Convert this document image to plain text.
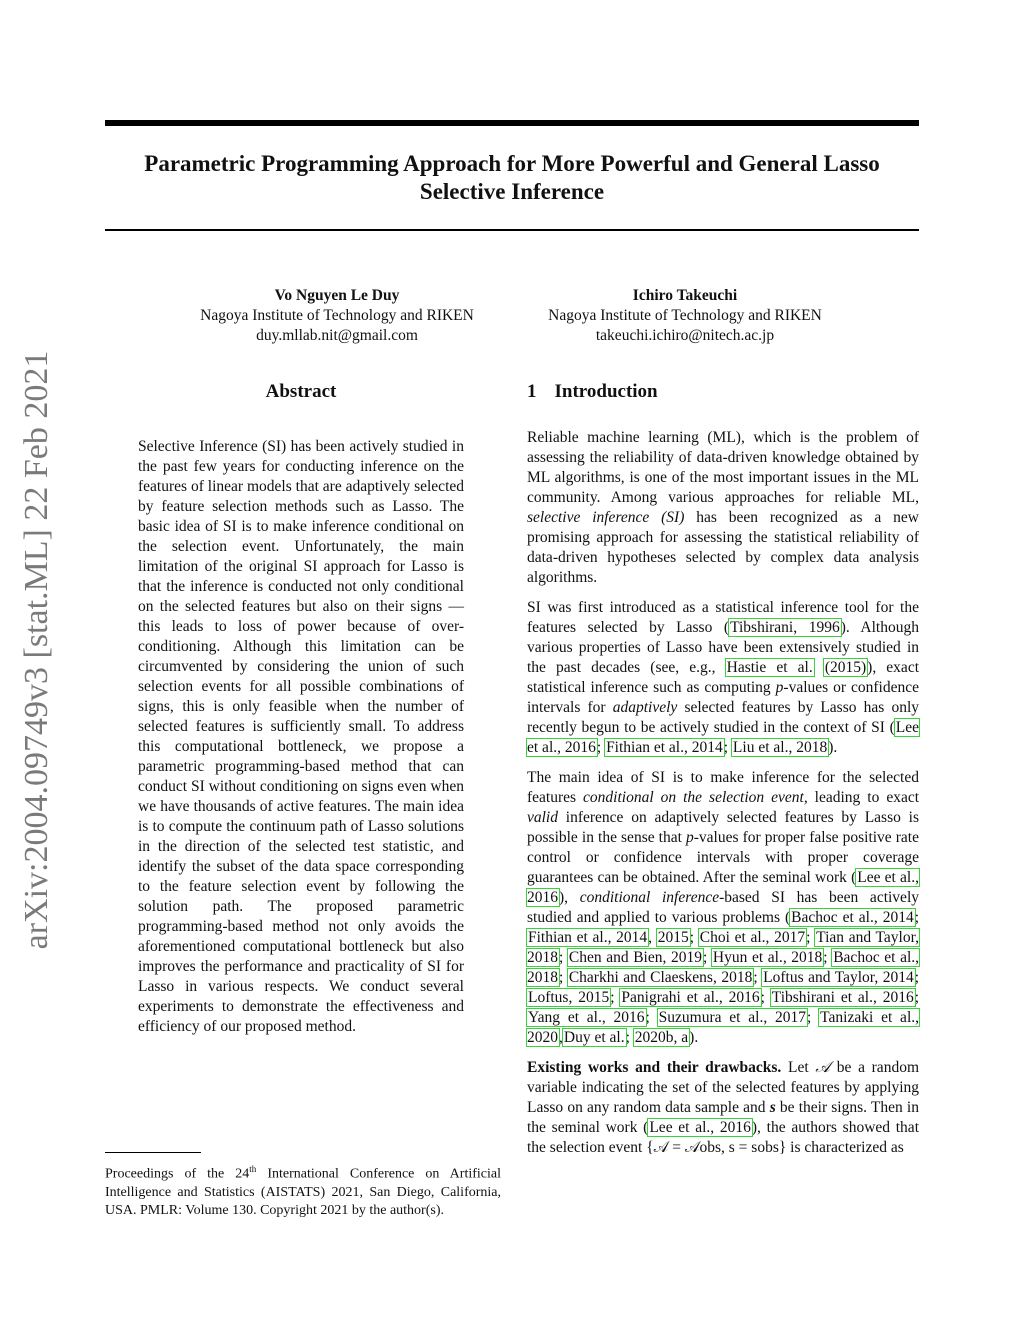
Parametric Programming Approach for More Powerful and General Lasso Selective Inference
arXiv:2004.09749v3 [stat.ML] 22 Feb 2021
Vo Nguyen Le Duy
Nagoya Institute of Technology and RIKEN
duy.mllab.nit@gmail.com
Ichiro Takeuchi
Nagoya Institute of Technology and RIKEN
takeuchi.ichiro@nitech.ac.jp
Abstract
Selective Inference (SI) has been actively studied in the past few years for conducting inference on the features of linear models that are adaptively selected by feature selection methods such as Lasso. The basic idea of SI is to make inference conditional on the selection event. Unfortunately, the main limitation of the original SI approach for Lasso is that the inference is conducted not only conditional on the selected features but also on their signs — this leads to loss of power because of over-conditioning. Although this limitation can be circumvented by considering the union of such selection events for all possible combinations of signs, this is only feasible when the number of selected features is sufficiently small. To address this computational bottleneck, we propose a parametric programming-based method that can conduct SI without conditioning on signs even when we have thousands of active features. The main idea is to compute the continuum path of Lasso solutions in the direction of the selected test statistic, and identify the subset of the data space corresponding to the feature selection event by following the solution path. The proposed parametric programming-based method not only avoids the aforementioned computational bottleneck but also improves the performance and practicality of SI for Lasso in various respects. We conduct several experiments to demonstrate the effectiveness and efficiency of our proposed method.
1 Introduction

Reliable machine learning (ML), which is the problem of assessing the reliability of data-driven knowledge obtained by ML algorithms, is one of the most important issues in the ML community. Among various approaches for reliable ML, selective inference (SI) has been recognized as a new promising approach for assessing the statistical reliability of data-driven hypotheses selected by complex data analysis algorithms.

SI was first introduced as a statistical inference tool for the features selected by Lasso (Tibshirani, 1996). Although various properties of Lasso have been extensively studied in the past decades (see, e.g., Hastie et al. (2015)), exact statistical inference such as computing p-values or confidence intervals for adaptively selected features by Lasso has only recently begun to be actively studied in the context of SI (Lee et al., 2016; Fithian et al., 2014; Liu et al., 2018).

The main idea of SI is to make inference for the selected features conditional on the selection event, leading to exact valid inference on adaptively selected features by Lasso is possible in the sense that p-values for proper false positive rate control or confidence intervals with proper coverage guarantees can be obtained. After the seminal work (Lee et al., 2016), conditional inference-based SI has been actively studied and applied to various problems (Bachoc et al., 2014; Fithian et al., 2014, 2015; Choi et al., 2017; Tian and Taylor, 2018; Chen and Bien, 2019; Hyun et al., 2018; Bachoc et al., 2018; Charkhi and Claeskens, 2018; Loftus and Taylor, 2014; Loftus, 2015; Panigrahi et al., 2016; Tibshirani et al., 2016; Yang et al., 2016; Suzumura et al., 2017; Tanizaki et al., 2020,Duy et al.; 2020b, a).

Existing works and their drawbacks. Let 𝒜 be a random variable indicating the set of the selected features by applying Lasso on any random data sample and s be their signs. Then in the seminal work (Lee et al., 2016), the authors showed that the selection event {𝒜 = 𝒜obs, s = sobs} is characterized as

Proceedings of the 24th International Conference on Artificial Intelligence and Statistics (AISTATS) 2021, San Diego, California, USA. PMLR: Volume 130. Copyright 2021 by the author(s).
